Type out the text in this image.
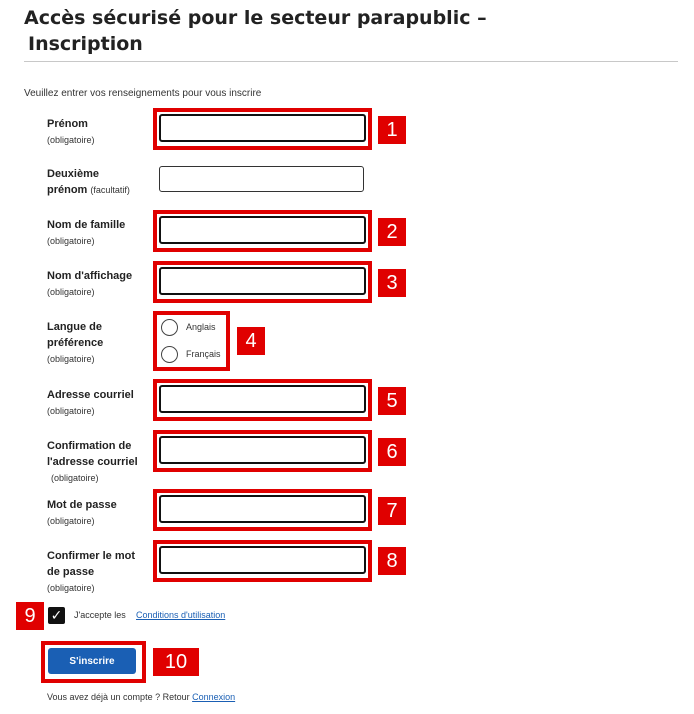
Accès sécurisé pour le secteur parapublic –
Inscription
Veuillez entrer vos renseignements pour vous inscrire
Prénom
(obligatoire)	1
Deuxième
prénom (facultatif)
Nom de famille
(obligatoire)	2
Nom d'affichage
(obligatoire)	3
Langue de
préférence
(obligatoire)
Anglais
Français
4
Adresse courriel
(obligatoire)	5
Confirmation de
l'adresse courriel
(obligatoire)
6
Mot de passe
(obligatoire)	7
Confirmer le mot
de passe
(obligatoire)
8
9	✓ J'accepte les Conditions d'utilisation
S'inscrire	10
Vous avez déjà un compte ? Retour Connexion
